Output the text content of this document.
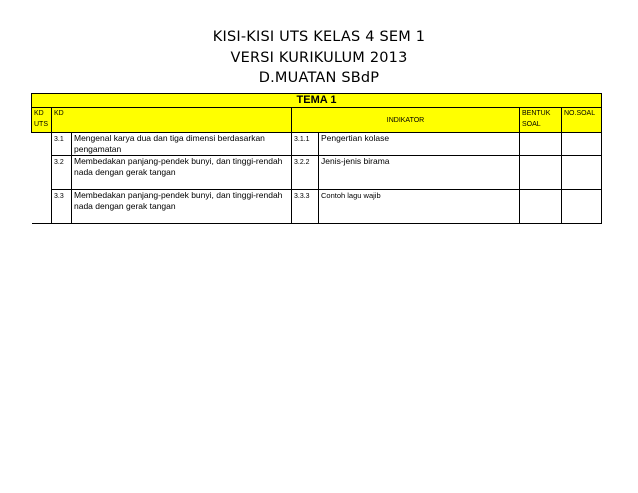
KISI-KISI UTS KELAS 4 SEM 1
VERSI KURIKULUM 2013
D.MUATAN SBdP
TEMA 1						
KD UTS	KD		INDIKATOR		BENTUK SOAL	NO.SOAL
	3.1	Mengenal karya dua dan tiga dimensi berdasarkan pengamatan	3.1.1	Pengertian kolase		
	3.2	Membedakan panjang-pendek bunyi, dan tinggi-rendah nada dengan gerak tangan	3.2.2	Jenis-jenis birama		
	3.3	Membedakan panjang-pendek bunyi, dan tinggi-rendah nada dengan gerak tangan	3.3.3	Contoh lagu wajib		
